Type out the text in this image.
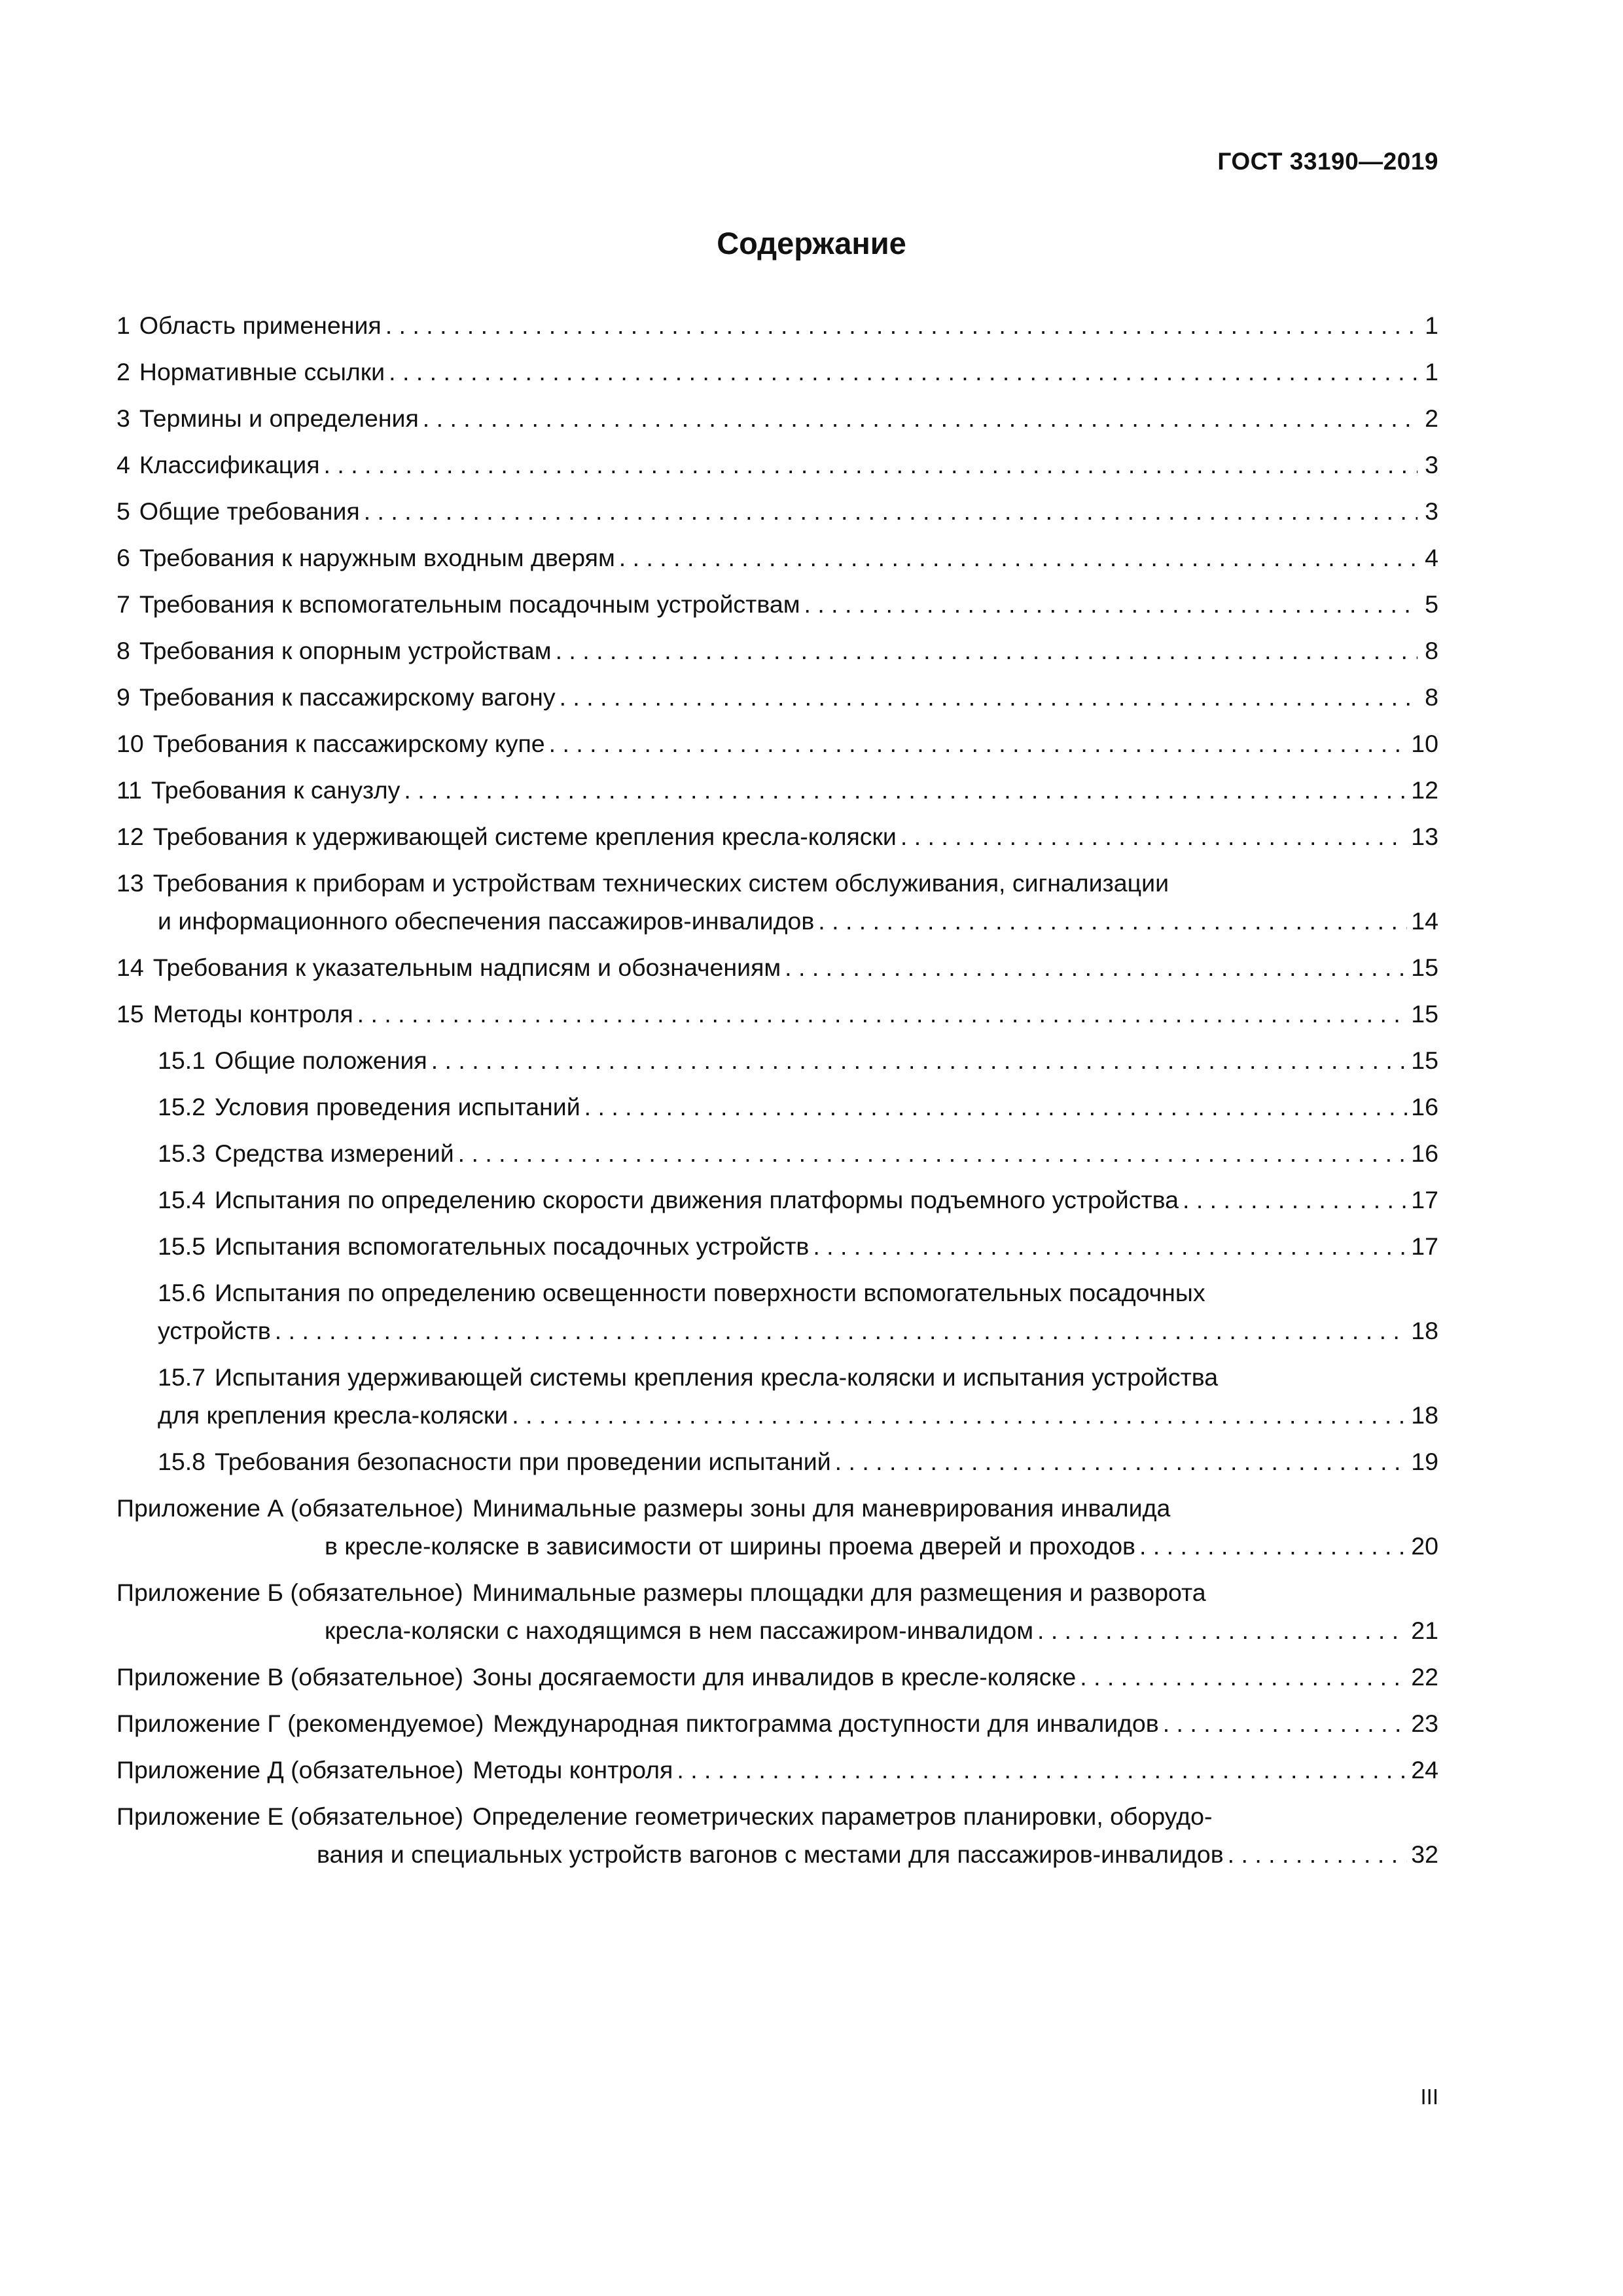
ГОСТ 33190—2019
Содержание
1 Область применения . . .	1
2 Нормативные ссылки . . .	1
3 Термины и определения . . .	2
4 Классификация . . .	3
5 Общие требования . . .	3
6 Требования к наружным входным дверям . . .	4
7 Требования к вспомогательным посадочным устройствам . . .	5
8 Требования к опорным устройствам . . .	8
9 Требования к пассажирскому вагону . . .	8
10 Требования к пассажирскому купе . . .	10
11 Требования к санузлу . . .	12
12 Требования к удерживающей системе крепления кресла-коляски . . .	13
13 Требования к приборам и устройствам технических систем обслуживания, сигнализации
и информационного обеспечения пассажиров-инвалидов . . .	14
14 Требования к указательным надписям и обозначениям . . .	15
15 Методы контроля . . .	15
15.1 Общие положения . . .	15
15.2 Условия проведения испытаний . . .	16
15.3 Средства измерений . . .	16
15.4 Испытания по определению скорости движения платформы подъемного устройства . . .	17
15.5 Испытания вспомогательных посадочных устройств . . .	17
15.6 Испытания по определению освещенности поверхности вспомогательных посадочных
устройств . . .	18
15.7 Испытания удерживающей системы крепления кресла-коляски и испытания устройства
для крепления кресла-коляски . . .	18
15.8 Требования безопасности при проведении испытаний . . .	19
Приложение А (обязательное) Минимальные размеры зоны для маневрирования инвалида
в кресле-коляске в зависимости от ширины проема дверей и проходов . . .	20
Приложение Б (обязательное) Минимальные размеры площадки для размещения и разворота
кресла-коляски с находящимся в нем пассажиром-инвалидом . . .	21
Приложение В (обязательное) Зоны досягаемости для инвалидов в кресле-коляске . . .	22
Приложение Г (рекомендуемое) Международная пиктограмма доступности для инвалидов . . .	23
Приложение Д (обязательное) Методы контроля . . .	24
Приложение Е (обязательное) Определение геометрических параметров планировки, оборудо-
вания и специальных устройств вагонов с местами для пассажиров-инвалидов . . .	32
III
